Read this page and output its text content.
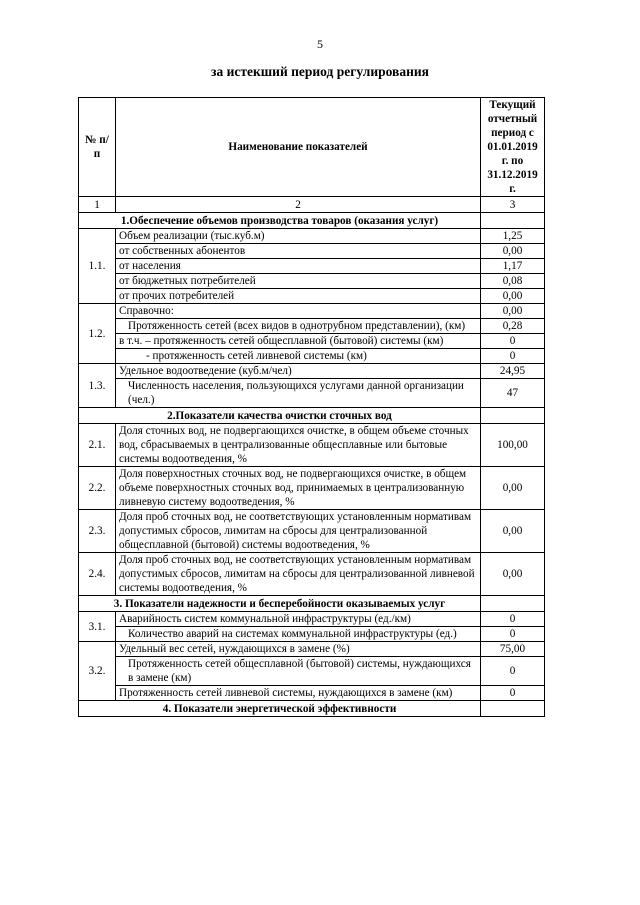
5
за истекший период регулирования
№ п/п	Наименование показателей	Текущий отчетный период с 01.01.2019 г. по 31.12.2019 г.
1	2	3
1.Обеспечение объемов производства товаров (оказания услуг)		
1.1.	Объем реализации (тыс.куб.м)	1,25
	от собственных абонентов	0,00
	от населения	1,17
	от бюджетных потребителей	0,08
	от прочих потребителей	0,00
1.2.	Справочно:	0,00
	Протяженность сетей (всех видов в однотрубном представлении), (км)	0,28
	в т.ч. – протяженность сетей общесплавной (бытовой) системы (км)	0
	- протяженность сетей ливневой системы (км)	0
1.3.	Удельное водоотведение (куб.м/чел)	24,95
	Численность населения, пользующихся услугами данной организации (чел.)	47
2.Показатели качества очистки сточных вод		
2.1.	Доля сточных вод, не подвергающихся очистке, в общем объеме сточных вод, сбрасываемых в централизованные общесплавные или бытовые системы водоотведения, %	100,00
2.2.	Доля поверхностных сточных вод, не подвергающихся очистке, в общем объеме поверхностных сточных вод, принимаемых в централизованную ливневую систему водоотведения, %	0,00
2.3.	Доля проб сточных вод, не соответствующих установленным нормативам допустимых сбросов, лимитам на сбросы для централизованной общесплавной (бытовой) системы водоотведения, %	0,00
2.4.	Доля проб сточных вод, не соответствующих установленным нормативам допустимых сбросов, лимитам на сбросы для централизованной ливневой системы водоотведения, %	0,00
3. Показатели надежности и бесперебойности оказываемых услуг		
3.1.	Аварийность систем коммунальной инфраструктуры (ед./км)	0
	Количество аварий на системах коммунальной инфраструктуры (ед.)	0
3.2.	Удельный вес сетей, нуждающихся в замене (%)	75,00
	Протяженность сетей общесплавной (бытовой) системы, нуждающихся в замене (км)	0
	Протяженность сетей ливневой системы, нуждающихся в замене (км)	0
4. Показатели энергетической эффективности		
